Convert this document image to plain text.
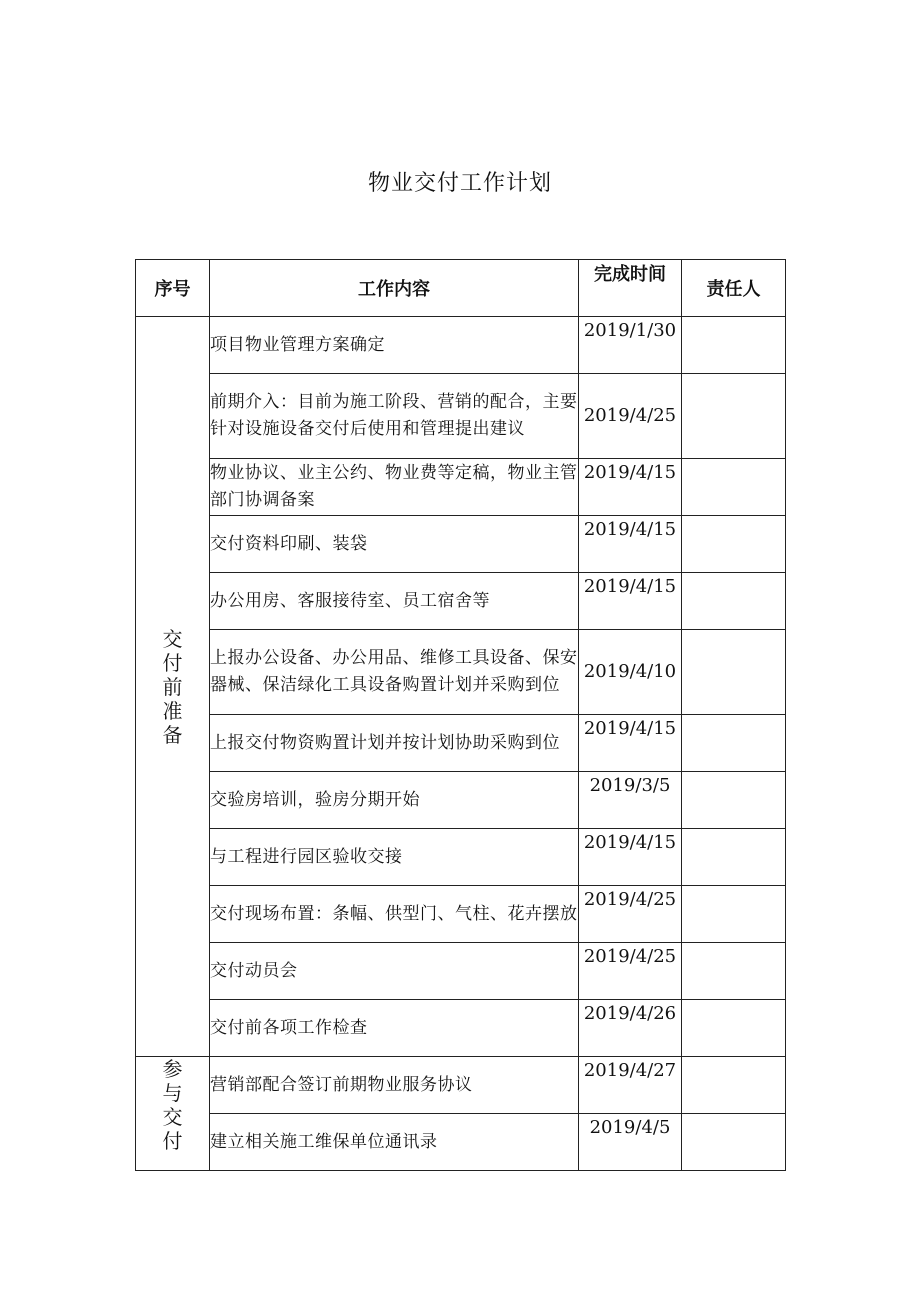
物业交付工作计划
序号	工作内容	完成时间	责任人
交付前准备	项目物业管理方案确定	2019/1/30	
	前期介入：目前为施工阶段、营销的配合，主要针对设施设备交付后使用和管理提出建议	2019/4/25	
	物业协议、业主公约、物业费等定稿，物业主管部门协调备案	2019/4/15	
	交付资料印刷、装袋	2019/4/15	
	办公用房、客服接待室、员工宿舍等	2019/4/15	
	上报办公设备、办公用品、维修工具设备、保安器械、保洁绿化工具设备购置计划并采购到位	2019/4/10	
	上报交付物资购置计划并按计划协助采购到位	2019/4/15	
	交验房培训，验房分期开始	2019/3/5	
	与工程进行园区验收交接	2019/4/15	
	交付现场布置：条幅、供型门、气柱、花卉摆放	2019/4/25	
	交付动员会	2019/4/25	
	交付前各项工作检查	2019/4/26	
参与交付	营销部配合签订前期物业服务协议	2019/4/27	
	建立相关施工维保单位通讯录	2019/4/5	
